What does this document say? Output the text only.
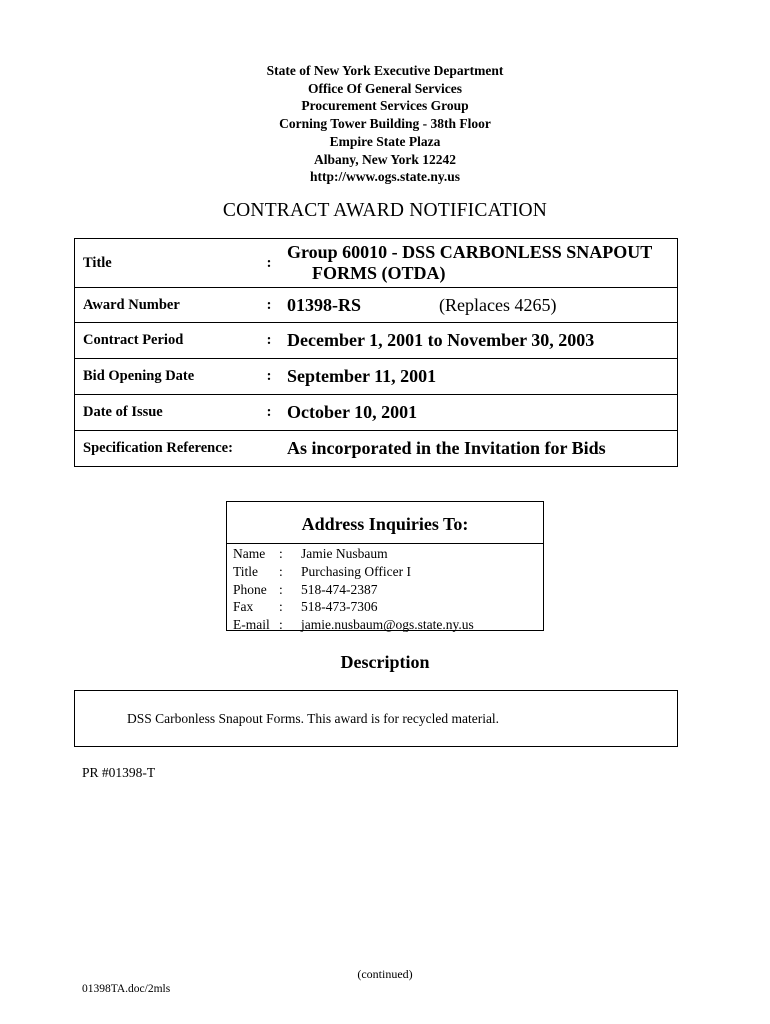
State of New York Executive Department
Office Of General Services
Procurement Services Group
Corning Tower Building - 38th Floor
Empire State Plaza
Albany, New York 12242
http://www.ogs.state.ny.us
CONTRACT AWARD NOTIFICATION
Title	:	Group 60010 - DSS CARBONLESS SNAPOUT
FORMS (OTDA)

Award Number	:	01398-RS (Replaces 4265)
Contract Period	:	December 1, 2001 to November 30, 2003
Bid Opening Date	:	September 11, 2001
Date of Issue	:	October 10, 2001
Specification Reference:		As incorporated in the Invitation for Bids
Address Inquiries To:
Name : Jamie Nusbaum
Title : Purchasing Officer I
Phone : 518-474-2387
Fax : 518-473-7306
E-mail : jamie.nusbaum@ogs.state.ny.us
Description
DSS Carbonless Snapout Forms. This award is for recycled material.
PR #01398-T
(continued)
01398TA.doc/2mls
